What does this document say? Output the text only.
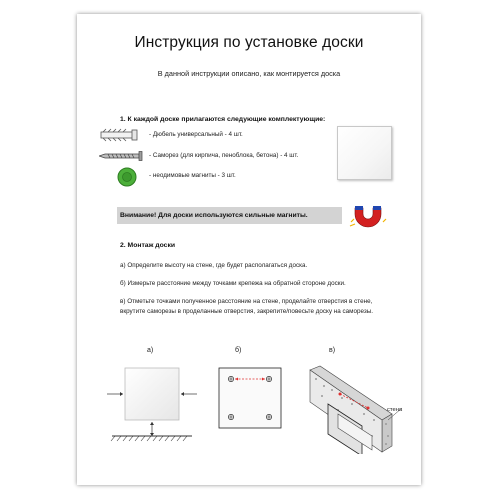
Инструкция по установке доски
В данной инструкции описано, как монтируется доска
1. К каждой доске прилагаются следующие комплектующие:
- Дюбель универсальный - 4 шт.
- Саморез (для кирпича, пеноблока, бетона) - 4 шт.
- неодимовые магниты - 3 шт.
Внимание! Для доски используются сильные магниты.
2. Монтаж доски
а) Определите высоту на стене, где будет располагаться доска.
б) Измерьте расстояние между точками крепежа на обратной стороне доски.
в) Отметьте точками полученное расстояние на стене, проделайте отверстия в стене, вкрутите саморезы в проделанные отверстия, закрепите/повесьте доску на саморезы.
а)	б)	в)
стена
